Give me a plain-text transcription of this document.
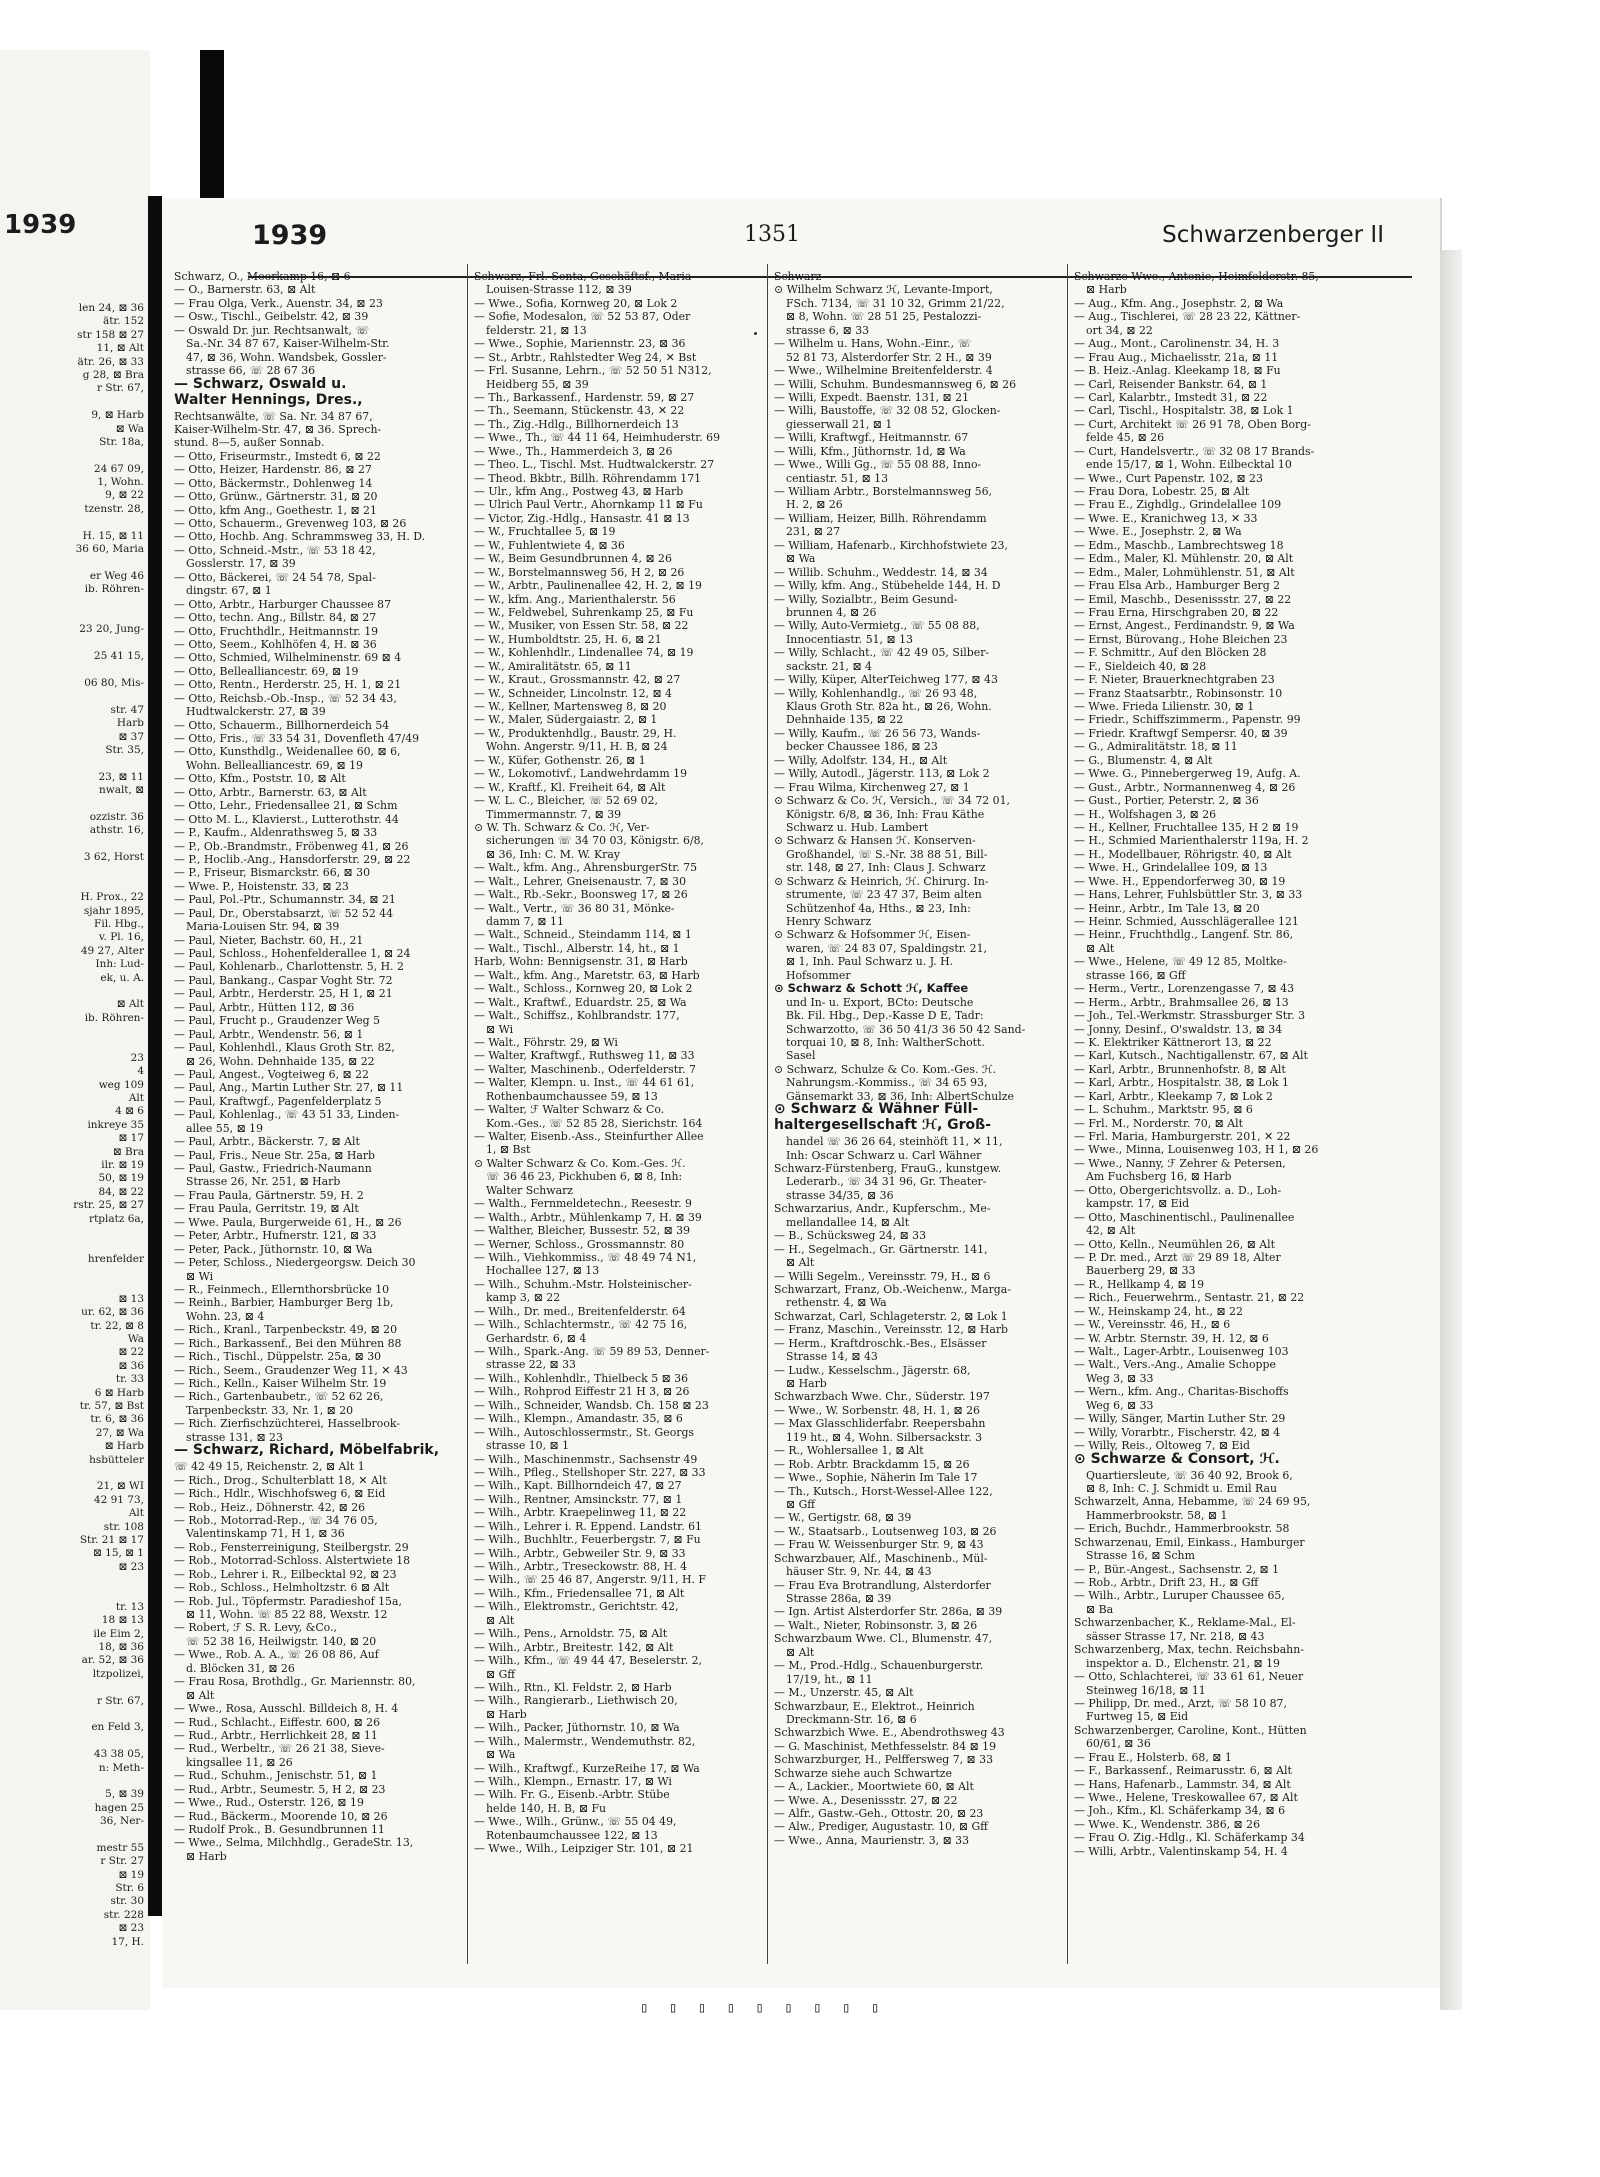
1939
len 24, ⊠ 36
ätr. 152
str 158 ⊠ 27
11, ⊠ Alt
ätr. 26, ⊠ 33
g 28, ⊠ Bra
r Str. 67,
9, ⊠ Harb
⊠ Wa
Str. 18a,
24 67 09,
1, Wohn.
9, ⊠ 22
tzenstr. 28,
H. 15, ⊠ 11
36 60, Maria
er Weg 46
ib. Röhren-
23 20, Jung-
25 41 15,
06 80, Mis-
str. 47
Harb
⊠ 37
Str. 35,
23, ⊠ 11
nwalt, ⊠
ozzistr. 36
athstr. 16,
3 62, Horst
H. Prox., 22
sjahr 1895,
Fil. Hbg.,
v. Pl. 16,
49 27, Alter
Inh: Lud-
ek, u. A.
⊠ Alt
ib. Röhren-
23
4
weg 109
Alt
4 ⊠ 6
inkreye 35
⊠ 17
⊠ Bra
ilr. ⊠ 19
50, ⊠ 19
84, ⊠ 22
rstr. 25, ⊠ 27
rtplatz 6a,
hrenfelder
⊠ 13
ur. 62, ⊠ 36
tr. 22, ⊠ 8
Wa
⊠ 22
⊠ 36
tr. 33
6 ⊠ Harb
tr. 57, ⊠ Bst
tr. 6, ⊠ 36
27, ⊠ Wa
⊠ Harb
hsbütteler
21, ⊠ WI
42 91 73,
Alt
str. 108
Str. 21 ⊠ 17
⊠ 15, ⊠ 1
⊠ 23
tr. 13
18 ⊠ 13
ile Eim 2,
18, ⊠ 36
ar. 52, ⊠ 36
ltzpolizei,
r Str. 67,
en Feld 3,
43 38 05,
n: Meth-
5, ⊠ 39
hagen 25
36, Ner-
mestr 55
r Str. 27
⊠ 19
Str. 6
str. 30
str. 228
⊠ 23
17, H.
1939	1351	Schwarzenberger II
Schwarz, O., Moorkamp 16, ⊠ 6
— O., Barnerstr. 63, ⊠ Alt
— Frau Olga, Verk., Auenstr. 34, ⊠ 23
— Osw., Tischl., Geibelstr. 42, ⊠ 39
— Oswald Dr. jur. Rechtsanwalt, ☏
Sa.-Nr. 34 87 67, Kaiser-Wilhelm-Str.
47, ⊠ 36, Wohn. Wandsbek, Gossler-
strasse 66, ☏ 28 67 36
— Schwarz, Oswald u.
Walter Hennings, Dres.,
Rechtsanwälte, ☏ Sa. Nr. 34 87 67,
Kaiser-Wilhelm-Str. 47, ⊠ 36. Sprech-
stund. 8—5, außer Sonnab.
— Otto, Friseurmstr., Imstedt 6, ⊠ 22
— Otto, Heizer, Hardenstr. 86, ⊠ 27
— Otto, Bäckermstr., Dohlenweg 14
— Otto, Grünw., Gärtnerstr. 31, ⊠ 20
— Otto, kfm Ang., Goethestr. 1, ⊠ 21
— Otto, Schauerm., Grevenweg 103, ⊠ 26
— Otto, Hochb. Ang. Schrammsweg 33, H. D.
— Otto, Schneid.-Mstr., ☏ 53 18 42,
Gosslerstr. 17, ⊠ 39
— Otto, Bäckerei, ☏ 24 54 78, Spal-
dingstr. 67, ⊠ 1
— Otto, Arbtr., Harburger Chaussee 87
— Otto, techn. Ang., Billstr. 84, ⊠ 27
— Otto, Fruchthdlr., Heitmannstr. 19
— Otto, Seem., Kohlhöfen 4, H. ⊠ 36
— Otto, Schmied, Wilhelminenstr. 69 ⊠ 4
— Otto, Bellealliancestr. 69, ⊠ 19
— Otto, Rentn., Herderstr. 25, H. 1, ⊠ 21
— Otto, Reichsb.-Ob.-Insp., ☏ 52 34 43,
Hudtwalckerstr. 27, ⊠ 39
— Otto, Schauerm., Billhornerdeich 54
— Otto, Fris., ☏ 33 54 31, Dovenfleth 47/49
— Otto, Kunsthdlg., Weidenallee 60, ⊠ 6,
Wohn. Bellealliancestr. 69, ⊠ 19
— Otto, Kfm., Poststr. 10, ⊠ Alt
— Otto, Arbtr., Barnerstr. 63, ⊠ Alt
— Otto, Lehr., Friedensallee 21, ⊠ Schm
— Otto M. L., Klavierst., Lutterothstr. 44
— P., Kaufm., Aldenrathsweg 5, ⊠ 33
— P., Ob.-Brandmstr., Fröbenweg 41, ⊠ 26
— P., Hoclib.-Ang., Hansdorferstr. 29, ⊠ 22
— P., Friseur, Bismarckstr. 66, ⊠ 30
— Wwe. P., Hoistenstr. 33, ⊠ 23
— Paul, Pol.-Ptr., Schumannstr. 34, ⊠ 21
— Paul, Dr., Oberstabsarzt, ☏ 52 52 44
Maria-Louisen Str. 94, ⊠ 39
— Paul, Nieter, Bachstr. 60, H., 21
— Paul, Schloss., Hohenfelderallee 1, ⊠ 24
— Paul, Kohlenarb., Charlottenstr. 5, H. 2
— Paul, Bankang., Caspar Voght Str. 72
— Paul, Arbtr., Herderstr. 25, H 1, ⊠ 21
— Paul, Arbtr., Hütten 112, ⊠ 36
— Paul, Frucht p., Graudenzer Weg 5
— Paul, Arbtr., Wendenstr. 56, ⊠ 1
— Paul, Kohlenhdl., Klaus Groth Str. 82,
⊠ 26, Wohn. Dehnhaide 135, ⊠ 22
— Paul, Angest., Vogteiweg 6, ⊠ 22
— Paul, Ang., Martin Luther Str. 27, ⊠ 11
— Paul, Kraftwgf., Pagenfelderplatz 5
— Paul, Kohlenlag., ☏ 43 51 33, Linden-
allee 55, ⊠ 19
— Paul, Arbtr., Bäckerstr. 7, ⊠ Alt
— Paul, Fris., Neue Str. 25a, ⊠ Harb
— Paul, Gastw., Friedrich-Naumann
Strasse 26, Nr. 251, ⊠ Harb
— Frau Paula, Gärtnerstr. 59, H. 2
— Frau Paula, Gerritstr. 19, ⊠ Alt
— Wwe. Paula, Burgerweide 61, H., ⊠ 26
— Peter, Arbtr., Hufnerstr. 121, ⊠ 33
— Peter, Pack., Jüthornstr. 10, ⊠ Wa
— Peter, Schloss., Niedergeorgsw. Deich 30
⊠ Wi
— R., Feinmech., Ellernthorsbrücke 10
— Reinh., Barbier, Hamburger Berg 1b,
Wohn. 23, ⊠ 4
— Rich., Kranl., Tarpenbeckstr. 49, ⊠ 20
— Rich., Barkassenf., Bei den Mühren 88
— Rich., Tischl., Düppelstr. 25a, ⊠ 30
— Rich., Seem., Graudenzer Weg 11, ✕ 43
— Rich., Kelln., Kaiser Wilhelm Str. 19
— Rich., Gartenbaubetr., ☏ 52 62 26,
Tarpenbeckstr. 33, Nr. 1, ⊠ 20
— Rich. Zierfischzüchterei, Hasselbrook-
strasse 131, ⊠ 23
— Schwarz, Richard, Möbelfabrik,
☏ 42 49 15, Reichenstr. 2, ⊠ Alt 1
— Rich., Drog., Schulterblatt 18, ✕ Alt
— Rich., Hdlr., Wischhofsweg 6, ⊠ Eid
— Rob., Heiz., Döhnerstr. 42, ⊠ 26
— Rob., Motorrad-Rep., ☏ 34 76 05,
Valentinskamp 71, H 1, ⊠ 36
— Rob., Fensterreinigung, Steilbergstr. 29
— Rob., Motorrad-Schloss. Alstertwiete 18
— Rob., Lehrer i. R., Eilbecktal 92, ⊠ 23
— Rob., Schloss., Helmholtzstr. 6 ⊠ Alt
— Rob. Jul., Töpfermstr. Paradieshof 15a,
⊠ 11, Wohn. ☏ 85 22 88, Wexstr. 12
— Robert, ℱ S. R. Levy, &Co.,
☏ 52 38 16, Heilwigstr. 140, ⊠ 20
— Wwe., Rob. A. A., ☏ 26 08 86, Auf
d. Blöcken 31, ⊠ 26
— Frau Rosa, Brothdlg., Gr. Mariennstr. 80,
⊠ Alt
— Wwe., Rosa, Ausschl. Billdeich 8, H. 4
— Rud., Schlacht., Eiffestr. 600, ⊠ 26
— Rud., Arbtr., Herrlichkeit 28, ⊠ 11
— Rud., Werbeltr., ☏ 26 21 38, Sieve-
kingsallee 11, ⊠ 26
— Rud., Schuhm., Jenischstr. 51, ⊠ 1
— Rud., Arbtr., Seumestr. 5, H 2, ⊠ 23
— Wwe., Rud., Osterstr. 126, ⊠ 19
— Rud., Bäckerm., Moorende 10, ⊠ 26
— Rudolf Prok., B. Gesundbrunnen 11
— Wwe., Selma, Milchhdlg., GeradeStr. 13,
⊠ Harb
Schwarz, Frl. Senta, Geschäftsf., Maria
Louisen-Strasse 112, ⊠ 39
— Wwe., Sofia, Kornweg 20, ⊠ Lok 2
— Sofie, Modesalon, ☏ 52 53 87, Oder
felderstr. 21, ⊠ 13
— Wwe., Sophie, Mariennstr. 23, ⊠ 36
— St., Arbtr., Rahlstedter Weg 24, ✕ Bst
— Frl. Susanne, Lehrn., ☏ 52 50 51 N312,
Heidberg 55, ⊠ 39
— Th., Barkassenf., Hardenstr. 59, ⊠ 27
— Th., Seemann, Stückenstr. 43, ✕ 22
— Th., Zig.-Hdlg., Billhornerdeich 13
— Wwe., Th., ☏ 44 11 64, Heimhuderstr. 69
— Wwe., Th., Hammerdeich 3, ⊠ 26
— Theo. L., Tischl. Mst. Hudtwalckerstr. 27
— Theod. Bkbtr., Billh. Röhrendamm 171
— Ulr., kfm Ang., Postweg 43, ⊠ Harb
— Ulrich Paul Vertr., Ahornkamp 11 ⊠ Fu
— Victor, Zig.-Hdlg., Hansastr. 41 ⊠ 13
— W., Fruchtallee 5, ⊠ 19
— W., Fuhlentwiete 4, ⊠ 36
— W., Beim Gesundbrunnen 4, ⊠ 26
— W., Borstelmannsweg 56, H 2, ⊠ 26
— W., Arbtr., Paulinenallee 42, H. 2, ⊠ 19
— W., kfm. Ang., Marienthalerstr. 56
— W., Feldwebel, Suhrenkamp 25, ⊠ Fu
— W., Musiker, von Essen Str. 58, ⊠ 22
— W., Humboldtstr. 25, H. 6, ⊠ 21
— W., Kohlenhdlr., Lindenallee 74, ⊠ 19
— W., Amiralitätstr. 65, ⊠ 11
— W., Kraut., Grossmannstr. 42, ⊠ 27
— W., Schneider, Lincolnstr. 12, ⊠ 4
— W., Kellner, Martensweg 8, ⊠ 20
— W., Maler, Südergaiastr. 2, ⊠ 1
— W., Produktenhdlg., Baustr. 29, H.
Wohn. Angerstr. 9/11, H. B, ⊠ 24
— W., Küfer, Gothenstr. 26, ⊠ 1
— W., Lokomotivf., Landwehrdamm 19
— W., Kraftf., Kl. Freiheit 64, ⊠ Alt
— W. L. C., Bleicher, ☏ 52 69 02,
Timmermannstr. 7, ⊠ 39
⊙ W. Th. Schwarz & Co. ℋ, Ver-
sicherungen ☏ 34 70 03, Königstr. 6/8,
⊠ 36, Inh: C. M. W. Kray
— Walt., kfm. Ang., AhrensburgerStr. 75
— Walt., Lehrer, Gneisenaustr. 7, ⊠ 30
— Walt., Rb.-Sekr., Boonsweg 17, ⊠ 26
— Walt., Vertr., ☏ 36 80 31, Mönke-
damm 7, ⊠ 11
— Walt., Schneid., Steindamm 114, ⊠ 1
— Walt., Tischl., Alberstr. 14, ht., ⊠ 1
Harb, Wohn: Bennigsenstr. 31, ⊠ Harb
— Walt., kfm. Ang., Maretstr. 63, ⊠ Harb
— Walt., Schloss., Kornweg 20, ⊠ Lok 2
— Walt., Kraftwf., Eduardstr. 25, ⊠ Wa
— Walt., Schiffsz., Kohlbrandstr. 177,
⊠ Wi
— Walt., Föhrstr. 29, ⊠ Wi
— Walter, Kraftwgf., Ruthsweg 11, ⊠ 33
— Walter, Maschinenb., Oderfelderstr. 7
— Walter, Klempn. u. Inst., ☏ 44 61 61,
Rothenbaumchaussee 59, ⊠ 13
— Walter, ℱ Walter Schwarz & Co.
Kom.-Ges., ☏ 52 85 28, Sierichstr. 164
— Walter, Eisenb.-Ass., Steinfurther Allee
1, ⊠ Bst
⊙ Walter Schwarz & Co. Kom.-Ges. ℋ.
☏ 36 46 23, Pickhuben 6, ⊠ 8, Inh:
Walter Schwarz
— Walth., Fernmeldetechn., Reesestr. 9
— Walth., Arbtr., Mühlenkamp 7, H. ⊠ 39
— Walther, Bleicher, Bussestr. 52, ⊠ 39
— Werner, Schloss., Grossmannstr. 80
— Wilh., Viehkommiss., ☏ 48 49 74 N1,
Hochallee 127, ⊠ 13
— Wilh., Schuhm.-Mstr. Holsteinischer-
kamp 3, ⊠ 22
— Wilh., Dr. med., Breitenfelderstr. 64
— Wilh., Schlachtermstr., ☏ 42 75 16,
Gerhardstr. 6, ⊠ 4
— Wilh., Spark.-Ang. ☏ 59 89 53, Denner-
strasse 22, ⊠ 33
— Wilh., Kohlenhdlr., Thielbeck 5 ⊠ 36
— Wilh., Rohprod Eiffestr 21 H 3, ⊠ 26
— Wilh., Schneider, Wandsb. Ch. 158 ⊠ 23
— Wilh., Klempn., Amandastr. 35, ⊠ 6
— Wilh., Autoschlossermstr., St. Georgs
strasse 10, ⊠ 1
— Wilh., Maschinenmstr., Sachsenstr 49
— Wilh., Pfleg., Stellshoper Str. 227, ⊠ 33
— Wilh., Kapt. Billhorndeich 47, ⊠ 27
— Wilh., Rentner, Amsinckstr. 77, ⊠ 1
— Wilh., Arbtr. Kraepelinweg 11, ⊠ 22
— Wilh., Lehrer i. R. Eppend. Landstr. 61
— Wilh., Buchhltr., Feuerbergstr. 7, ⊠ Fu
— Wilh., Arbtr., Gebweiler Str. 9, ⊠ 33
— Wilh., Arbtr., Treseckowstr. 88, H. 4
— Wilh., ☏ 25 46 87, Angerstr. 9/11, H. F
— Wilh., Kfm., Friedensallee 71, ⊠ Alt
— Wilh., Elektromstr., Gerichtstr. 42,
⊠ Alt
— Wilh., Pens., Arnoldstr. 75, ⊠ Alt
— Wilh., Arbtr., Breitestr. 142, ⊠ Alt
— Wilh., Kfm., ☏ 49 44 47, Beselerstr. 2,
⊠ Gff
— Wilh., Rtn., Kl. Feldstr. 2, ⊠ Harb
— Wilh., Rangierarb., Liethwisch 20,
⊠ Harb
— Wilh., Packer, Jüthornstr. 10, ⊠ Wa
— Wilh., Malermstr., Wendemuthstr. 82,
⊠ Wa
— Wilh., Kraftwgf., KurzeReihe 17, ⊠ Wa
— Wilh., Klempn., Ernastr. 17, ⊠ Wi
— Wilh. Fr. G., Eisenb.-Arbtr. Stübe
helde 140, H. B, ⊠ Fu
— Wwe., Wilh., Grünw., ☏ 55 04 49,
Rotenbaumchaussee 122, ⊠ 13
— Wwe., Wilh., Leipziger Str. 101, ⊠ 21
Schwarz —
⊙ Wilhelm Schwarz ℋ, Levante-Import,
FSch. 7134, ☏ 31 10 32, Grimm 21/22,
⊠ 8, Wohn. ☏ 28 51 25, Pestalozzi-
strasse 6, ⊠ 33
— Wilhelm u. Hans, Wohn.-Einr., ☏
52 81 73, Alsterdorfer Str. 2 H., ⊠ 39
— Wwe., Wilhelmine Breitenfelderstr. 4
— Willi, Schuhm. Bundesmannsweg 6, ⊠ 26
— Willi, Expedt. Baenstr. 131, ⊠ 21
— Willi, Baustoffe, ☏ 32 08 52, Glocken-
giesserwall 21, ⊠ 1
— Willi, Kraftwgf., Heitmannstr. 67
— Willi, Kfm., Jüthornstr. 1d, ⊠ Wa
— Wwe., Willi Gg., ☏ 55 08 88, Inno-
centiastr. 51, ⊠ 13
— William Arbtr., Borstelmannsweg 56,
H. 2, ⊠ 26
— William, Heizer, Billh. Röhrendamm
231, ⊠ 27
— William, Hafenarb., Kirchhofstwiete 23,
⊠ Wa
— Willib. Schuhm., Weddestr. 14, ⊠ 34
— Willy, kfm. Ang., Stübehelde 144, H. D
— Willy, Sozialbtr., Beim Gesund-
brunnen 4, ⊠ 26
— Willy, Auto-Vermietg., ☏ 55 08 88,
Innocentiastr. 51, ⊠ 13
— Willy, Schlacht., ☏ 42 49 05, Silber-
sackstr. 21, ⊠ 4
— Willy, Küper, AlterTeichweg 177, ⊠ 43
— Willy, Kohlenhandlg., ☏ 26 93 48,
Klaus Groth Str. 82a ht., ⊠ 26, Wohn.
Dehnhaide 135, ⊠ 22
— Willy, Kaufm., ☏ 26 56 73, Wands-
becker Chaussee 186, ⊠ 23
— Willy, Adolfstr. 134, H., ⊠ Alt
— Willy, Autodl., Jägerstr. 113, ⊠ Lok 2
— Frau Wilma, Kirchenweg 27, ⊠ 1
⊙ Schwarz & Co. ℋ, Versich., ☏ 34 72 01,
Königstr. 6/8, ⊠ 36, Inh: Frau Käthe
Schwarz u. Hub. Lambert
⊙ Schwarz & Hansen ℋ. Konserven-
Großhandel, ☏ S.-Nr. 38 88 51, Bill-
str. 148, ⊠ 27, Inh: Claus J. Schwarz
⊙ Schwarz & Heinrich, ℋ. Chirurg. In-
strumente, ☏ 23 47 37, Beim alten
Schützenhof 4a, Hths., ⊠ 23, Inh:
Henry Schwarz
⊙ Schwarz & Hofsommer ℋ, Eisen-
waren, ☏ 24 83 07, Spaldingstr. 21,
⊠ 1, Inh. Paul Schwarz u. J. H.
Hofsommer
⊙ Schwarz & Schott ℋ, Kaffee
und In- u. Export, BCto: Deutsche
Bk. Fil. Hbg., Dep.-Kasse D E, Tadr:
Schwarzotto, ☏ 36 50 41/3 36 50 42 Sand-
torquai 10, ⊠ 8, Inh: WaltherSchott.
Sasel
⊙ Schwarz, Schulze & Co. Kom.-Ges. ℋ.
Nahrungsm.-Kommiss., ☏ 34 65 93,
Gänsemarkt 33, ⊠ 36, Inh: AlbertSchulze
⊙ Schwarz & Wähner Füll-
haltergesellschaft ℋ, Groß-
handel ☏ 36 26 64, steinhöft 11, ✕ 11,
Inh: Oscar Schwarz u. Carl Wähner
Schwarz-Fürstenberg, FrauG., kunstgew.
Lederarb., ☏ 34 31 96, Gr. Theater-
strasse 34/35, ⊠ 36
Schwarzarius, Andr., Kupferschm., Me-
mellandallee 14, ⊠ Alt
— B., Schücksweg 24, ⊠ 33
— H., Segelmach., Gr. Gärtnerstr. 141,
⊠ Alt
— Willi Segelm., Vereinsstr. 79, H., ⊠ 6
Schwarzart, Franz, Ob.-Weichenw., Marga-
rethenstr. 4, ⊠ Wa
Schwarzat, Carl, Schlageterstr. 2, ⊠ Lok 1
— Franz, Maschin., Vereinsstr. 12, ⊠ Harb
— Herm., Kraftdroschk.-Bes., Elsässer
Strasse 14, ⊠ 43
— Ludw., Kesselschm., Jägerstr. 68,
⊠ Harb
Schwarzbach Wwe. Chr., Süderstr. 197
— Wwe., W. Sorbenstr. 48, H. 1, ⊠ 26
— Max Glasschliderfabr. Reepersbahn
119 ht., ⊠ 4, Wohn. Silbersackstr. 3
— R., Wohlersallee 1, ⊠ Alt
— Rob. Arbtr. Brackdamm 15, ⊠ 26
— Wwe., Sophie, Näherin Im Tale 17
— Th., Kutsch., Horst-Wessel-Allee 122,
⊠ Gff
— W., Gertigstr. 68, ⊠ 39
— W., Staatsarb., Loutsenweg 103, ⊠ 26
— Frau W. Weissenburger Str. 9, ⊠ 43
Schwarzbauer, Alf., Maschinenb., Mül-
häuser Str. 9, Nr. 44, ⊠ 43
— Frau Eva Brotrandlung, Alsterdorfer
Strasse 286a, ⊠ 39
— Ign. Artist Alsterdorfer Str. 286a, ⊠ 39
— Walt., Nieter, Robinsonstr. 3, ⊠ 26
Schwarzbaum Wwe. Cl., Blumenstr. 47,
⊠ Alt
— M., Prod.-Hdlg., Schauenburgerstr.
17/19, ht., ⊠ 11
— M., Unzerstr. 45, ⊠ Alt
Schwarzbaur, E., Elektrot., Heinrich
Dreckmann-Str. 16, ⊠ 6
Schwarzbich Wwe. E., Abendrothsweg 43
— G. Maschinist, Methfesselstr. 84 ⊠ 19
Schwarzburger, H., Pelffersweg 7, ⊠ 33
Schwarze siehe auch Schwartze
— A., Lackier., Moortwiete 60, ⊠ Alt
— Wwe. A., Desenissstr. 27, ⊠ 22
— Alfr., Gastw.-Geh., Ottostr. 20, ⊠ 23
— Alw., Prediger, Augustastr. 10, ⊠ Gff
— Wwe., Anna, Maurienstr. 3, ⊠ 33
Schwarze Wwe., Antonie, Heimfelderstr. 85,
⊠ Harb
— Aug., Kfm. Ang., Josephstr. 2, ⊠ Wa
— Aug., Tischlerei, ☏ 28 23 22, Kättner-
ort 34, ⊠ 22
— Aug., Mont., Carolinenstr. 34, H. 3
— Frau Aug., Michaelisstr. 21a, ⊠ 11
— B. Heiz.-Anlag. Kleekamp 18, ⊠ Fu
— Carl, Reisender Bankstr. 64, ⊠ 1
— Carl, Kalarbtr., Imstedt 31, ⊠ 22
— Carl, Tischl., Hospitalstr. 38, ⊠ Lok 1
— Curt, Architekt ☏ 26 91 78, Oben Borg-
felde 45, ⊠ 26
— Curt, Handelsvertr., ☏ 32 08 17 Brands-
ende 15/17, ⊠ 1, Wohn. Eilbecktal 10
— Wwe., Curt Papenstr. 102, ⊠ 23
— Frau Dora, Lobestr. 25, ⊠ Alt
— Frau E., Zighdlg., Grindelallee 109
— Wwe. E., Kranichweg 13, ✕ 33
— Wwe. E., Josephstr. 2, ⊠ Wa
— Edm., Maschb., Lambrechtsweg 18
— Edm., Maler, Kl. Mühlenstr. 20, ⊠ Alt
— Edm., Maler, Lohmühlenstr. 51, ⊠ Alt
— Frau Elsa Arb., Hamburger Berg 2
— Emil, Maschb., Desenissstr. 27, ⊠ 22
— Frau Erna, Hirschgraben 20, ⊠ 22
— Ernst, Angest., Ferdinandstr. 9, ⊠ Wa
— Ernst, Bürovang., Hohe Bleichen 23
— F. Schmittr., Auf den Blöcken 28
— F., Sieldeich 40, ⊠ 28
— F. Nieter, Brauerknechtgraben 23
— Franz Staatsarbtr., Robinsonstr. 10
— Wwe. Frieda Lilienstr. 30, ⊠ 1
— Friedr., Schiffszimmerm., Papenstr. 99
— Friedr. Kraftwgf Sempersr. 40, ⊠ 39
— G., Admiralitätstr. 18, ⊠ 11
— G., Blumenstr. 4, ⊠ Alt
— Wwe. G., Pinnebergerweg 19, Aufg. A.
— Gust., Arbtr., Normannenweg 4, ⊠ 26
— Gust., Portier, Peterstr. 2, ⊠ 36
— H., Wolfshagen 3, ⊠ 26
— H., Kellner, Fruchtallee 135, H 2 ⊠ 19
— H., Schmied Marienthalerstr 119a, H. 2
— H., Modellbauer, Röhrigstr. 40, ⊠ Alt
— Wwe. H., Grindelallee 109, ⊠ 13
— Wwe. H., Eppendorferweg 30, ⊠ 19
— Hans, Lehrer, Fuhlsbüttler Str. 3, ⊠ 33
— Heinr., Arbtr., Im Tale 13, ⊠ 20
— Heinr. Schmied, Ausschlägerallee 121
— Heinr., Fruchthdlg., Langenf. Str. 86,
⊠ Alt
— Wwe., Helene, ☏ 49 12 85, Moltke-
strasse 166, ⊠ Gff
— Herm., Vertr., Lorenzengasse 7, ⊠ 43
— Herm., Arbtr., Brahmsallee 26, ⊠ 13
— Joh., Tel.-Werkmstr. Strassburger Str. 3
— Jonny, Desinf., O'swaldstr. 13, ⊠ 34
— K. Elektriker Kättnerort 13, ⊠ 22
— Karl, Kutsch., Nachtigallenstr. 67, ⊠ Alt
— Karl, Arbtr., Brunnenhofstr. 8, ⊠ Alt
— Karl, Arbtr., Hospitalstr. 38, ⊠ Lok 1
— Karl, Arbtr., Kleekamp 7, ⊠ Lok 2
— L. Schuhm., Marktstr. 95, ⊠ 6
— Frl. M., Norderstr. 70, ⊠ Alt
— Frl. Maria, Hamburgerstr. 201, ✕ 22
— Wwe., Minna, Louisenweg 103, H 1, ⊠ 26
— Wwe., Nanny, ℱ Zehrer & Petersen,
Am Fuchsberg 16, ⊠ Harb
— Otto, Obergerichtsvollz. a. D., Loh-
kampstr. 17, ⊠ Eid
— Otto, Maschinentischl., Paulinenallee
42, ⊠ Alt
— Otto, Kelln., Neumühlen 26, ⊠ Alt
— P. Dr. med., Arzt ☏ 29 89 18, Alter
Bauerberg 29, ⊠ 33
— R., Hellkamp 4, ⊠ 19
— Rich., Feuerwehrm., Sentastr. 21, ⊠ 22
— W., Heinskamp 24, ht., ⊠ 22
— W., Vereinsstr. 46, H., ⊠ 6
— W. Arbtr. Sternstr. 39, H. 12, ⊠ 6
— Walt., Lager-Arbtr., Louisenweg 103
— Walt., Vers.-Ang., Amalie Schoppe
Weg 3, ⊠ 33
— Wern., kfm. Ang., Charitas-Bischoffs
Weg 6, ⊠ 33
— Willy, Sänger, Martin Luther Str. 29
— Willy, Vorarbtr., Fischerstr. 42, ⊠ 4
— Willy, Reis., Oltoweg 7, ⊠ Eid
⊙ Schwarze & Consort, ℋ.
Quartiersleute, ☏ 36 40 92, Brook 6,
⊠ 8, Inh: C. J. Schmidt u. Emil Rau
Schwarzelt, Anna, Hebamme, ☏ 24 69 95,
Hammerbrookstr. 58, ⊠ 1
— Erich, Buchdr., Hammerbrookstr. 58
Schwarzenau, Emil, Einkass., Hamburger
Strasse 16, ⊠ Schm
— P., Bür.-Angest., Sachsenstr. 2, ⊠ 1
— Rob., Arbtr., Drift 23, H., ⊠ Gff
— Wilh., Arbtr., Luruper Chaussee 65,
⊠ Ba
Schwarzenbacher, K., Reklame-Mal., El-
sässer Strasse 17, Nr. 218, ⊠ 43
Schwarzenberg, Max, techn. Reichsbahn-
inspektor a. D., Elchenstr. 21, ⊠ 19
— Otto, Schlachterei, ☏ 33 61 61, Neuer
Steinweg 16/18, ⊠ 11
— Philipp, Dr. med., Arzt, ☏ 58 10 87,
Furtweg 15, ⊠ Eid
Schwarzenberger, Caroline, Kont., Hütten
60/61, ⊠ 36
— Frau E., Holsterb. 68, ⊠ 1
— F., Barkassenf., Reimarusstr. 6, ⊠ Alt
— Hans, Hafenarb., Lammstr. 34, ⊠ Alt
— Wwe., Helene, Treskowallee 67, ⊠ Alt
— Joh., Kfm., Kl. Schäferkamp 34, ⊠ 6
— Wwe. K., Wendenstr. 386, ⊠ 26
— Frau O. Zig.-Hdlg., Kl. Schäferkamp 34
— Willi, Arbtr., Valentinskamp 54, H. 4
▯ ▯ ▯ ▯ ▯ ▯ ▯ ▯ ▯
